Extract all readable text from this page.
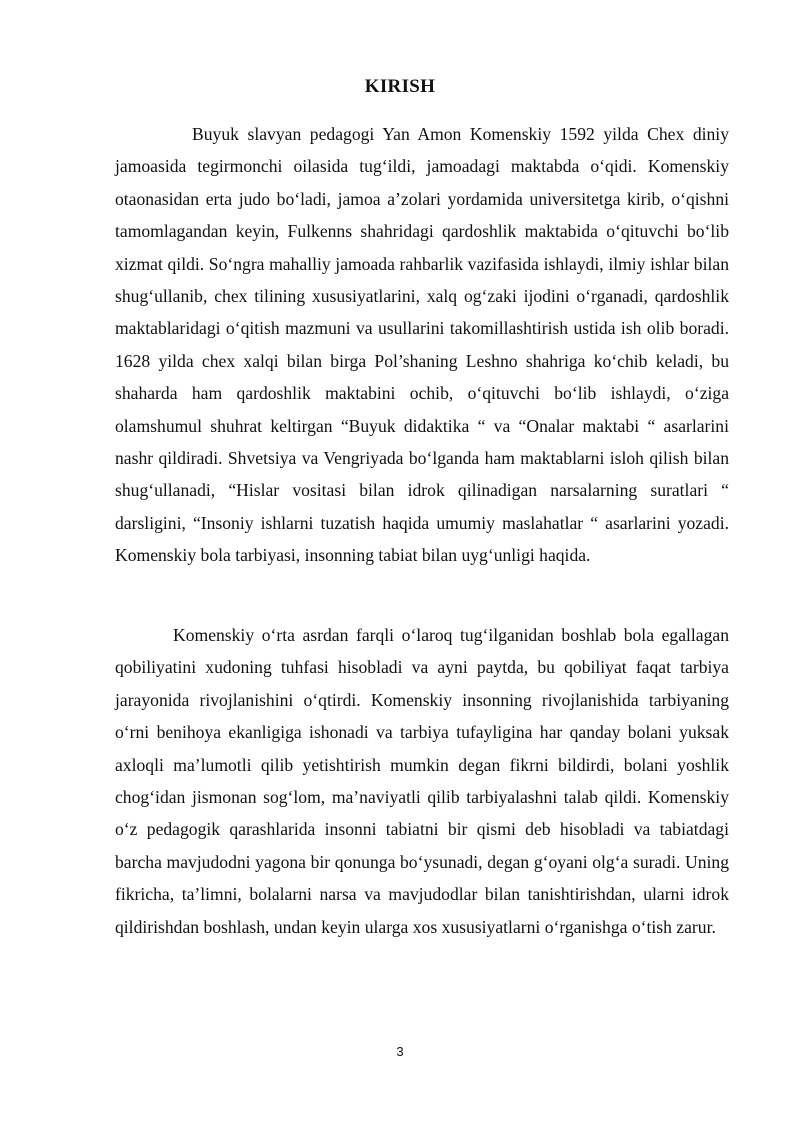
KIRISH

Buyuk slavyan pedagogi Yan Amon Komenskiy 1592 yilda Chex diniy jamoasida tegirmonchi oilasida tug‘ildi, jamoadagi maktabda o‘qidi. Komenskiy otaonasidan erta judo bo‘ladi, jamoa a’zolari yordamida universitetga kirib, o‘qishni tamomlagandan keyin, Fulkenns shahridagi qardoshlik maktabida o‘qituvchi bo‘lib xizmat qildi. So‘ngra mahalliy jamoada rahbarlik vazifasida ishlaydi, ilmiy ishlar bilan shug‘ullanib, chex tilining xususiyatlarini, xalq og‘zaki ijodini o‘rganadi, qardoshlik maktablaridagi o‘qitish mazmuni va usullarini takomillashtirish ustida ish olib boradi. 1628 yilda chex xalqi bilan birga Pol’shaning Leshno shahriga ko‘chib keladi, bu shaharda ham qardoshlik maktabini ochib, o‘qituvchi bo‘lib ishlaydi, o‘ziga olamshumul shuhrat keltirgan “Buyuk didaktika “ va “Onalar maktabi “ asarlarini nashr qildiradi. Shvetsiya va Vengriyada bo‘lganda ham maktablarni isloh qilish bilan shug‘ullanadi, “Hislar vositasi bilan idrok qilinadigan narsalarning suratlari “ darsligini, “Insoniy ishlarni tuzatish haqida umumiy maslahatlar “ asarlarini yozadi. Komenskiy bola tarbiyasi, insonning tabiat bilan uyg‘unligi haqida.

Komenskiy o‘rta asrdan farqli o‘laroq tug‘ilganidan boshlab bola egallagan qobiliyatini xudoning tuhfasi hisobladi va ayni paytda, bu qobiliyat faqat tarbiya jarayonida rivojlanishini o‘qtirdi. Komenskiy insonning rivojlanishida tarbiyaning o‘rni benihoya ekanligiga ishonadi va tarbiya tufayligina har qanday bolani yuksak axloqli ma’lumotli qilib yetishtirish mumkin degan fikrni bildirdi, bolani yoshlik chog‘idan jismonan sog‘lom, ma’naviyatli qilib tarbiyalashni talab qildi. Komenskiy o‘z pedagogik qarashlarida insonni tabiatni bir qismi deb hisobladi va tabiatdagi barcha mavjudodni yagona bir qonunga bo‘ysunadi, degan g‘oyani olg‘a suradi. Uning fikricha, ta’limni, bolalarni narsa va mavjudodlar bilan tanishtirishdan, ularni idrok qildirishdan boshlash, undan keyin ularga xos xususiyatlarni o‘rganishga o‘tish zarur.

3
